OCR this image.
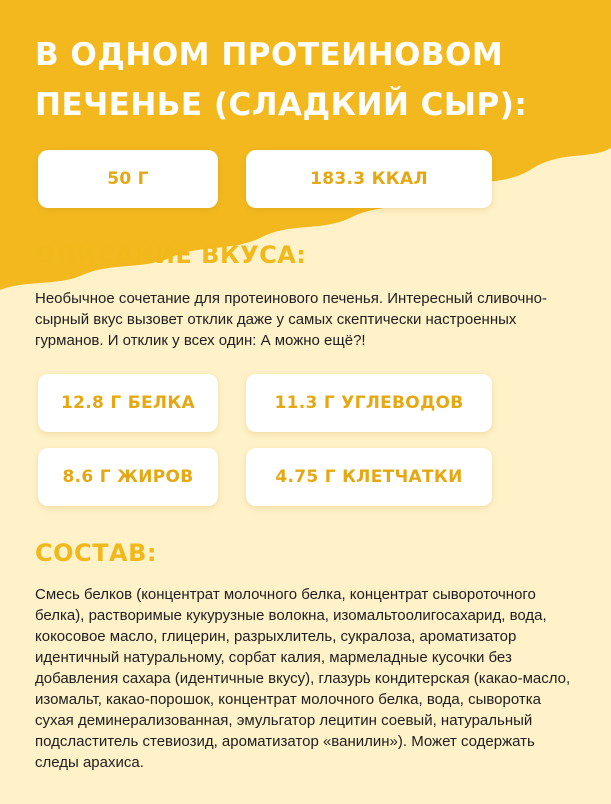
В ОДНОМ ПРОТЕИНОВОМ ПЕЧЕНЬЕ (СЛАДКИЙ СЫР):
50 Г	183.3 ККАЛ
ОПИСАНИЕ ВКУСА:

Необычное сочетание для протеинового печенья. Интересный сливочно-сырный вкус вызовет отклик даже у самых скептически настроенных гурманов. И отклик у всех один: А можно ещё?!

12.8 Г БЕЛКА	11.3 Г УГЛЕВОДОВ
8.6 Г ЖИРОВ	4.75 Г КЛЕТЧАТКИ
СОСТАВ:

Смесь белков (концентрат молочного белка, концентрат сывороточного белка), растворимые кукурузные волокна, изомальтоолигосахарид, вода, кокосовое масло, глицерин, разрыхлитель, сукралоза, ароматизатор идентичный натуральному, сорбат калия, мармеладные кусочки без добавления сахара (идентичные вкусу), глазурь кондитерская (какао-масло, изомальт, какао-порошок, концентрат молочного белка, вода, сыворотка сухая деминерализованная, эмульгатор лецитин соевый, натуральный подсластитель стевиозид, ароматизатор «ванилин»). Может содержать следы арахиса.
